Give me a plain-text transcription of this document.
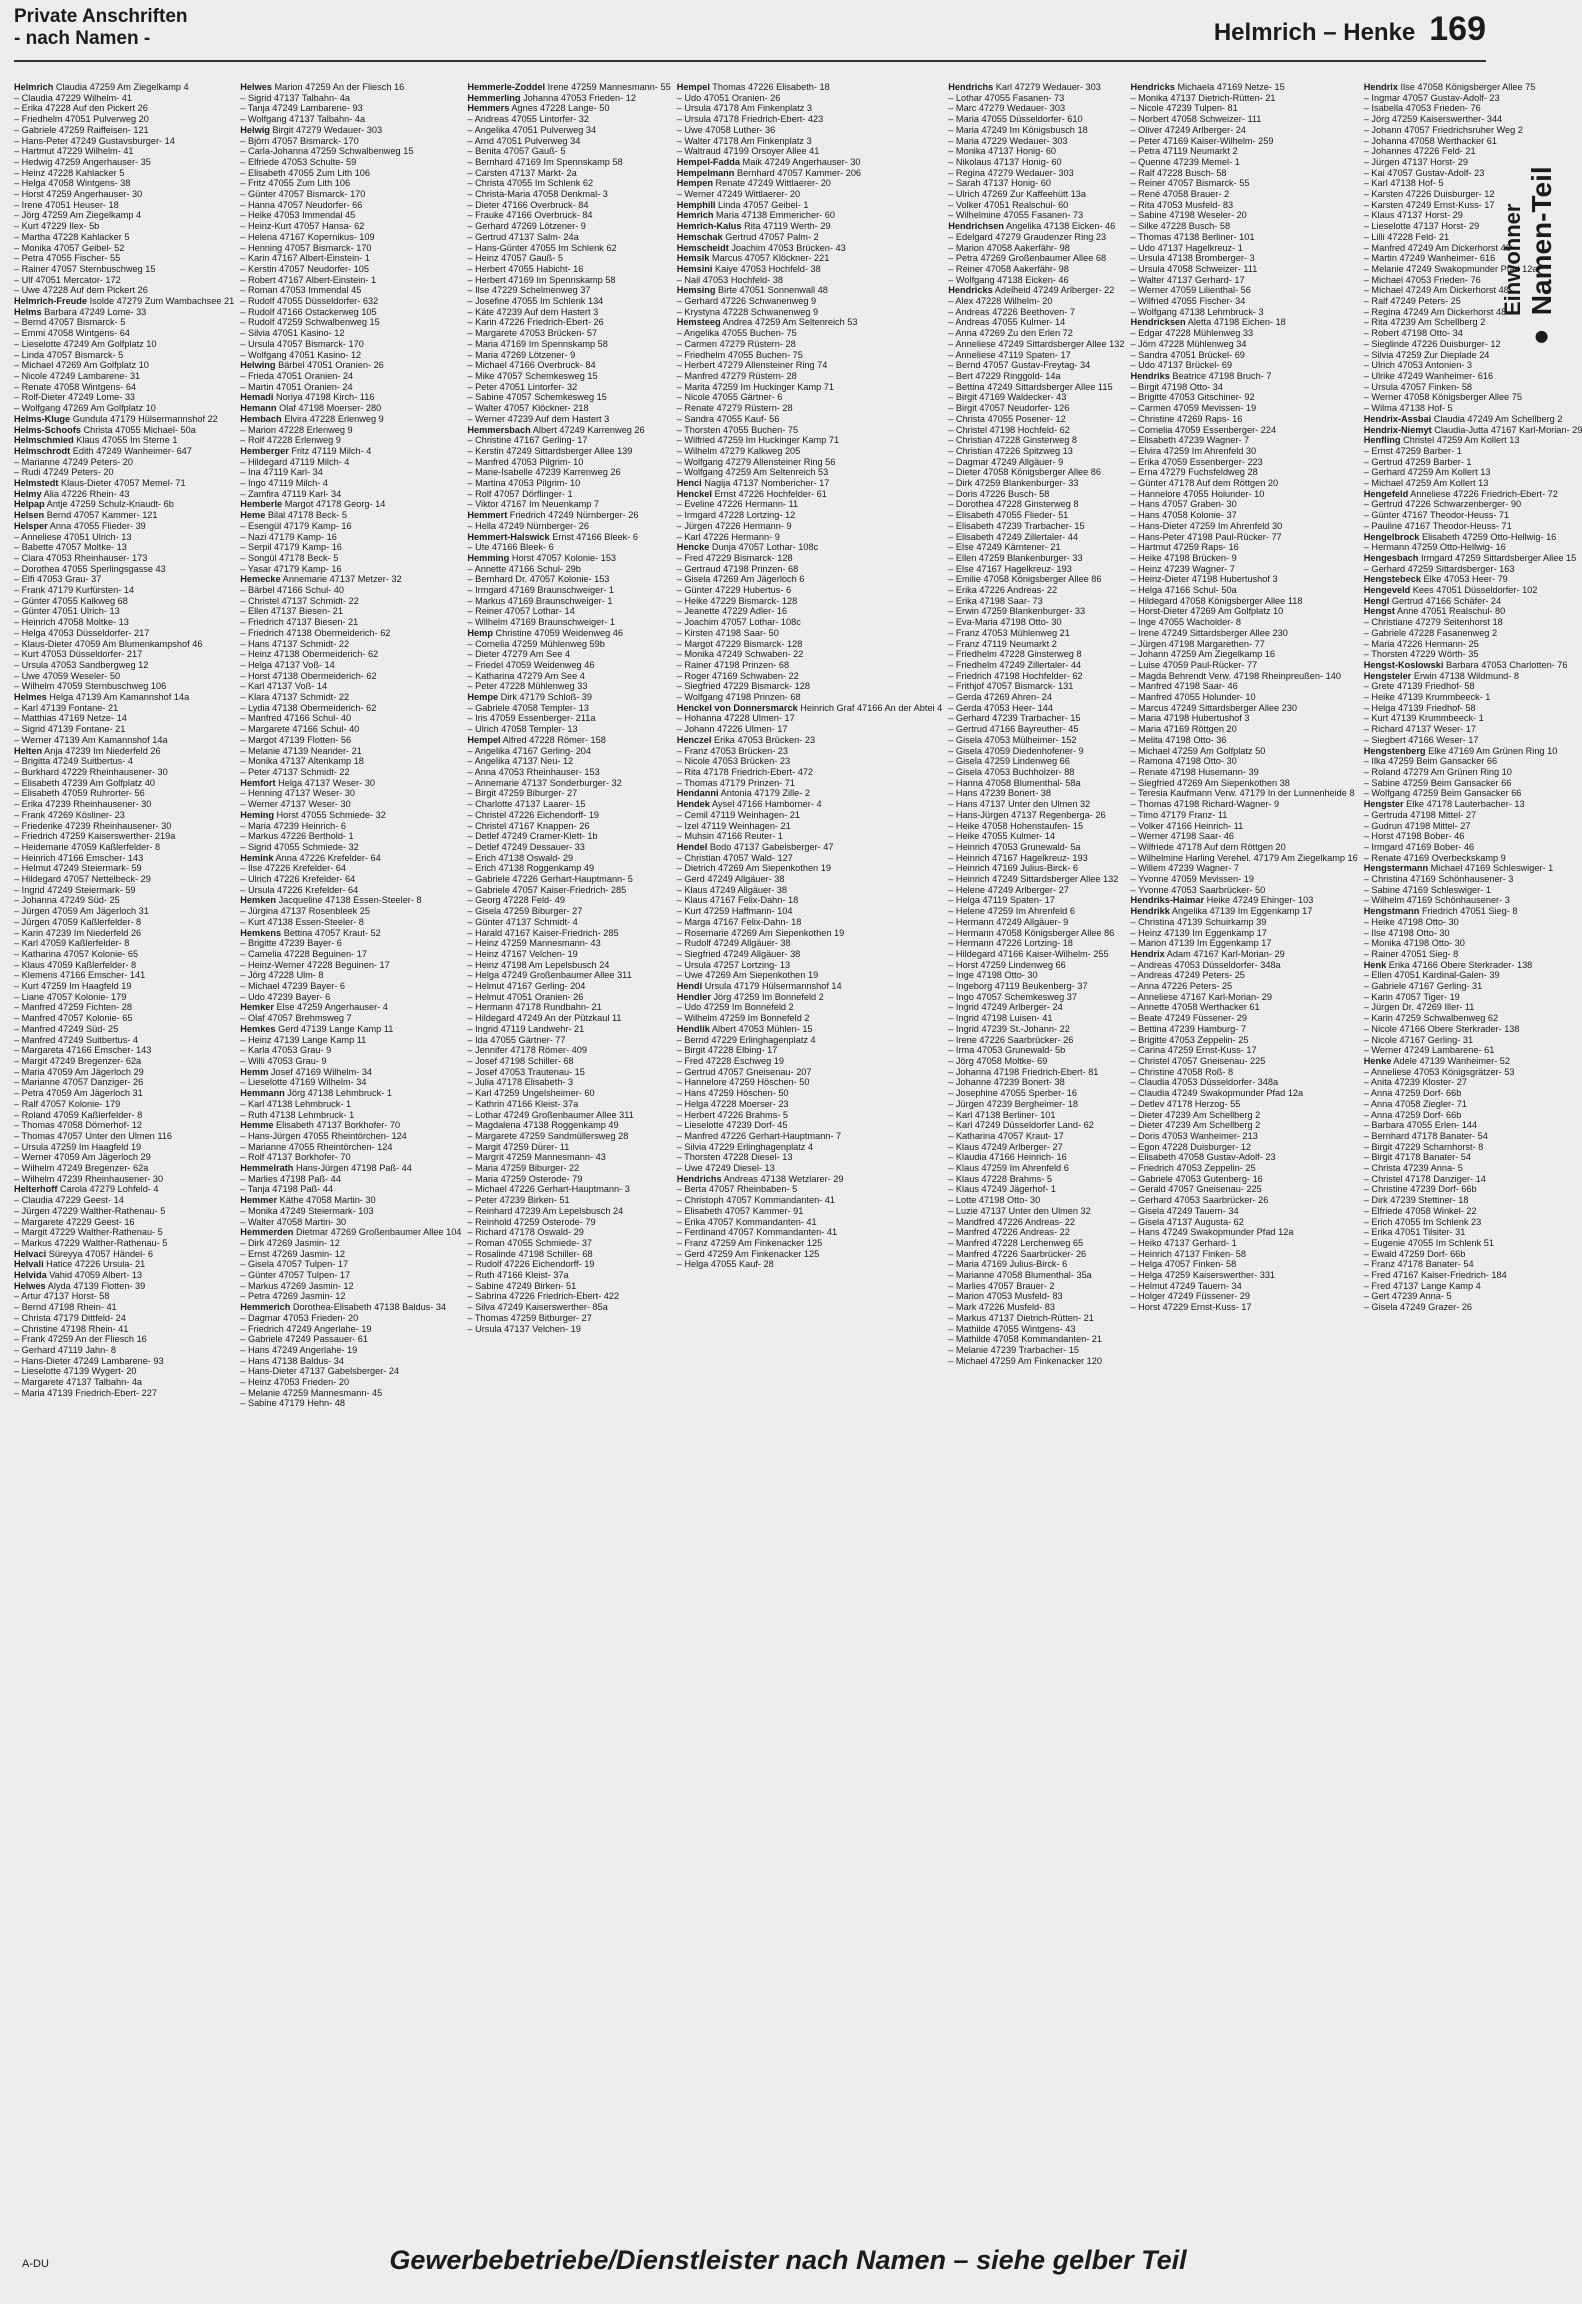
Private Anschriften
- nach Namen -	Helmrich – Henke 169
Einwohner
● Namen-Teil
Helmrich Claudia 47259 Am Ziegelkamp 4
– Claudia 47229 Wilhelm- 41
– Erika 47228 Auf den Pickert 26
– Friedhelm 47051 Pulverweg 20
– Gabriele 47259 Raiffeisen- 121
– Hans-Peter 47249 Gustavsburger- 14
– Hartmut 47229 Wilhelm- 41
– Hedwig 47259 Angerhauser- 35
– Heinz 47228 Kahlacker 5
– Helga 47058 Wintgens- 38
– Horst 47259 Angerhauser- 30
– Irene 47051 Heuser- 18
– Jörg 47259 Am Ziegelkamp 4
– Kurt 47229 Ilex- 5b
– Martha 47228 Kahlacker 5
– Monika 47057 Geibel- 52
– Petra 47055 Fischer- 55
– Rainer 47057 Sternbuschweg 15
– Ulf 47051 Mercator- 172
– Uwe 47228 Auf dem Pickert 26
Helmrich-Freude Isolde 47279 Zum Wambachsee 21
Helms Barbara 47249 Lome- 33
– Bernd 47057 Bismarck- 5
– Emmi 47058 Wintgens- 64
– Lieselotte 47249 Am Golfplatz 10
– Linda 47057 Bismarck- 5
– Michael 47269 Am Golfplatz 10
– Nicole 47249 Lambarene- 31
– Renate 47058 Wintgens- 64
– Rolf-Dieter 47249 Lome- 33
– Wolfgang 47269 Am Golfplatz 10
Helms-Kluge Gundula 47179 Hülsermannshof 22
Helms-Schoofs Christa 47055 Michael- 50a
Helmschmied Klaus 47055 Im Sterne 1
Helmschrodt Edith 47249 Wanheimer- 647
– Marianne 47249 Peters- 20
– Rudi 47249 Peters- 20
Helmstedt Klaus-Dieter 47057 Memel- 71
Helmy Alia 47226 Rhein- 43
Helpap Antje 47259 Schulz-Knaudt- 6b
Helsen Bernd 47057 Kammer- 121
Helsper Anna 47055 Flieder- 39
– Anneliese 47051 Ulrich- 13
– Babette 47057 Moltke- 13
– Clara 47053 Rheinhauser- 173
– Dorothea 47055 Sperlingsgasse 43
– Elfi 47053 Grau- 37
– Frank 47179 Kurfürsten- 14
– Günter 47055 Kalkweg 68
– Günter 47051 Ulrich- 13
– Heinrich 47058 Moltke- 13
– Helga 47053 Düsseldorfer- 217
– Klaus-Dieter 47059 Am Blumenkampshof 46
– Kurt 47053 Düsseldorfer- 217
– Ursula 47053 Sandbergweg 12
– Uwe 47059 Weseler- 50
– Wilhelm 47059 Sternbuschweg 106
Helmes Helga 47139 Am Kamannshof 14a
– Karl 47139 Fontane- 21
– Matthias 47169 Netze- 14
– Sigrid 47139 Fontane- 21
– Werner 47139 Am Kamannshof 14a
Helten Anja 47239 Im Niederfeld 26
– Brigitta 47249 Suitbertus- 4
– Burkhard 47229 Rheinhausener- 30
– Elisabeth 47239 Am Golfplatz 40
– Elisabeth 47059 Ruhrorter- 56
– Erika 47239 Rheinhausener- 30
– Frank 47269 Kösliner- 23
– Friederike 47239 Rheinhausener- 30
– Friedrich 47259 Kaiserswerther- 219a
– Heidemarie 47059 Kaßlerfelder- 8
– Heinrich 47166 Emscher- 143
– Helmut 47249 Steiermark- 59
– Hildegard 47057 Nettelbeck- 29
– Ingrid 47249 Steiermark- 59
– Johanna 47249 Süd- 25
– Jürgen 47059 Am Jägerloch 31
– Jürgen 47059 Kaßlerfelder- 8
– Karin 47239 Im Niederfeld 26
– Karl 47059 Kaßlerfelder- 8
– Katharina 47057 Kolonie- 65
– Klaus 47059 Kaßlerfelder- 8
– Klemens 47166 Emscher- 141
– Kurt 47259 Im Haagfeld 19
– Liane 47057 Kolonie- 179
– Manfred 47259 Fichten- 28
– Manfred 47057 Kolonie- 65
– Manfred 47249 Süd- 25
– Manfred 47249 Suitbertus- 4
– Margareta 47166 Emscher- 143
– Margit 47249 Bregenzer- 62a
– Maria 47059 Am Jägerloch 29
– Marianne 47057 Danziger- 26
– Petra 47059 Am Jägerloch 31
– Ralf 47057 Kolonie- 179
– Roland 47059 Kaßlerfelder- 8
– Thomas 47058 Dörnerhof- 12
– Thomas 47057 Unter den Ulmen 116
– Ursula 47259 Im Haagfeld 19
– Werner 47059 Am Jägerloch 29
– Wilhelm 47249 Bregenzer- 62a
– Wilhelm 47239 Rheinhausener- 30
Helterhoff Carola 47279 Lohfeld- 4
– Claudia 47229 Geest- 14
– Jürgen 47229 Walther-Rathenau- 5
– Margarete 47229 Geest- 16
– Margit 47229 Walther-Rathenau- 5
– Markus 47229 Walther-Rathenau- 5
Helvaci Süreyya 47057 Händel- 6
Helvali Hatice 47226 Ursula- 21
Helvida Vahid 47059 Albert- 13
Helwes Alyda 47139 Flotten- 39
– Artur 47137 Horst- 58
– Bernd 47198 Rhein- 41
– Christa 47179 Dittfeld- 24
– Christine 47198 Rhein- 41
– Frank 47259 An der Fliesch 16
– Gerhard 47119 Jahn- 8
– Hans-Dieter 47249 Lambarene- 93
– Lieselotte 47139 Wygert- 20
– Margarete 47137 Talbahn- 4a
– Maria 47139 Friedrich-Ebert- 227
Helwes Marion 47259 An der Fliesch 16
– Sigrid 47137 Talbahn- 4a
– Tanja 47249 Lambarene- 93
– Wolfgang 47137 Talbahn- 4a
Helwig Birgit 47279 Wedauer- 303
– Björn 47057 Bismarck- 170
– Carla-Johanna 47259 Schwalbenweg 15
– Elfriede 47053 Schulte- 59
– Elisabeth 47055 Zum Lith 106
– Fritz 47055 Zum Lith 106
– Günter 47057 Bismarck- 170
– Hanna 47057 Neudorfer- 66
– Heike 47053 Immendal 45
– Heinz-Kurt 47057 Hansa- 62
– Helena 47167 Kopernikus- 109
– Henning 47057 Bismarck- 170
– Karin 47167 Albert-Einstein- 1
– Kerstin 47057 Neudorfer- 105
– Robert 47167 Albert-Einstein- 1
– Roman 47053 Immendal 45
– Rudolf 47055 Düsseldorfer- 632
– Rudolf 47166 Ostackerweg 105
– Rudolf 47259 Schwalbenweg 15
– Silvia 47051 Kasino- 12
– Ursula 47057 Bismarck- 170
– Wolfgang 47051 Kasino- 12
Helwing Bärbel 47051 Oranien- 26
– Frieda 47051 Oranien- 24
– Martin 47051 Oranien- 24
Hemadi Noriya 47198 Kirch- 116
Hemann Olaf 47198 Moerser- 280
Hembach Elvira 47228 Erlenweg 9
– Marion 47228 Erlenweg 9
– Rolf 47228 Erlenweg 9
Hemberger Fritz 47119 Milch- 4
– Hildegard 47119 Milch- 4
– Ina 47119 Karl- 34
– Ingo 47119 Milch- 4
– Zamfira 47119 Karl- 34
Hemberle Margot 47178 Georg- 14
Heme Bilal 47178 Beck- 5
– Esengül 47179 Kamp- 16
– Nazi 47179 Kamp- 16
– Serpil 47179 Kamp- 16
– Songül 47178 Beck- 5
– Yasar 47179 Kamp- 16
Hemecke Annemarie 47137 Metzer- 32
– Bärbel 47166 Schul- 40
– Christel 47137 Schmidt- 22
– Ellen 47137 Biesen- 21
– Friedrich 47137 Biesen- 21
– Friedrich 47138 Obermeiderich- 62
– Hans 47137 Schmidt- 22
– Heinz 47138 Obermeiderich- 62
– Helga 47137 Voß- 14
– Horst 47138 Obermeiderich- 62
– Karl 47137 Voß- 14
– Klara 47137 Schmidt- 22
– Lydia 47138 Obermeiderich- 62
– Manfred 47166 Schul- 40
– Margarete 47166 Schul- 40
– Margot 47139 Flotten- 56
– Melanie 47139 Neander- 21
– Monika 47137 Altenkamp 18
– Peter 47137 Schmidt- 22
Hemfort Helga 47137 Weser- 30
– Henning 47137 Weser- 30
– Werner 47137 Weser- 30
Heming Horst 47055 Schmiede- 32
– Maria 47239 Heinrich- 6
– Markus 47226 Berthold- 1
– Sigrid 47055 Schmiede- 32
Hemink Anna 47226 Krefelder- 64
– Ilse 47226 Krefelder- 64
– Ulrich 47226 Krefelder- 64
– Ursula 47226 Krefelder- 64
Hemken Jacqueline 47138 Essen-Steeler- 8
– Jürgina 47137 Rosenbleek 25
– Kurt 47138 Essen-Steeler- 8
Hemkens Bettina 47057 Kraut- 52
– Brigitte 47239 Bayer- 6
– Camelia 47228 Beguinen- 17
– Heinz-Werner 47228 Beguinen- 17
– Jörg 47228 Ulm- 8
– Michael 47239 Bayer- 6
– Udo 47239 Bayer- 6
Hemker Else 47259 Angerhauser- 4
– Olaf 47057 Brehmsweg 7
Hemkes Gerd 47139 Lange Kamp 11
– Heinz 47139 Lange Kamp 11
– Karla 47053 Grau- 9
– Willi 47053 Grau- 9
Hemm Josef 47169 Wilhelm- 34
– Lieselotte 47169 Wilhelm- 34
Hemmann Jörg 47138 Lehmbruck- 1
– Karl 47138 Lehmbruck- 1
– Ruth 47138 Lehmbruck- 1
Hemme Elisabeth 47137 Borkhofer- 70
– Hans-Jürgen 47055 Rheintörchen- 124
– Marianne 47055 Rheintörchen- 124
– Rolf 47137 Borkhofer- 70
Hemmelrath Hans-Jürgen 47198 Paß- 44
– Marlies 47198 Paß- 44
– Tanja 47198 Paß- 44
Hemmer Käthe 47058 Martin- 30
– Monika 47249 Steiermark- 103
– Walter 47058 Martin- 30
Hemmerden Dietmar 47269 Großenbaumer Allee 104
– Dirk 47269 Jasmin- 12
– Ernst 47269 Jasmin- 12
– Gisela 47057 Tulpen- 17
– Günter 47057 Tulpen- 17
– Markus 47269 Jasmin- 12
– Petra 47269 Jasmin- 12
Hemmerich Dorothea-Elisabeth 47138 Baldus- 34
– Dagmar 47053 Frieden- 20
– Friedrich 47249 Angerlahe- 19
– Gabriele 47249 Passauer- 61
– Hans 47249 Angerlahe- 19
– Hans 47138 Baldus- 34
– Hans-Dieter 47137 Gabelsberger- 24
– Heinz 47053 Frieden- 20
– Melanie 47259 Mannesmann- 45
– Sabine 47179 Hehn- 48
Hemmerle-Zoddel Irene 47259 Mannesmann- 55
Hemmerling Johanna 47053 Frieden- 12
Hemmers Agnes 47228 Lange- 50
– Andreas 47055 Lintorfer- 32
– Angelika 47051 Pulverweg 34
– Arnd 47051 Pulverweg 34
– Benita 47057 Gauß- 5
– Bernhard 47169 Im Spennskamp 58
– Carsten 47137 Markt- 2a
– Christa 47055 Im Schlenk 62
– Christa-Maria 47058 Denkmal- 3
– Dieter 47166 Overbruck- 84
– Frauke 47166 Overbruck- 84
– Gerhard 47269 Lötzener- 9
– Gertrud 47137 Salm- 24a
– Hans-Günter 47055 Im Schlenk 62
– Heinz 47057 Gauß- 5
– Herbert 47055 Habicht- 16
– Herbert 47169 Im Spennskamp 58
– Ilse 47229 Schelmenweg 37
– Josefine 47055 Im Schlenk 134
– Käte 47239 Auf dem Hastert 3
– Karin 47226 Friedrich-Ebert- 26
– Margarete 47053 Brücken- 57
– Maria 47169 Im Spennskamp 58
– Maria 47269 Lötzener- 9
– Michael 47166 Overbruck- 84
– Mike 47057 Schemkesweg 15
– Peter 47051 Lintorfer- 32
– Sabine 47057 Schemkesweg 15
– Walter 47057 Klöckner- 218
– Werner 47239 Auf dem Hastert 3
Hemmersbach Albert 47249 Karrenweg 26
– Christine 47167 Gerling- 17
– Kerstin 47249 Sittardsberger Allee 139
– Manfred 47053 Pilgrim- 10
– Marie-Isabelle 47239 Karrenweg 26
– Martina 47053 Pilgrim- 10
– Rolf 47057 Dörflinger- 1
– Viktor 47167 Im Neuenkamp 7
Hemmert Friedrich 47249 Nürnberger- 26
– Hella 47249 Nürnberger- 26
Hemmert-Halswick Ernst 47166 Bleek- 6
– Ute 47166 Bleek- 6
Hemming Horst 47057 Kolonie- 153
– Annette 47166 Schul- 29b
– Bernhard Dr. 47057 Kolonie- 153
– Irmgard 47169 Braunschweiger- 1
– Markus 47169 Braunschweiger- 1
– Reiner 47057 Lothar- 14
– Wilhelm 47169 Braunschweiger- 1
Hemp Christine 47059 Weidenweg 46
– Cornelia 47259 Mühlenweg 59b
– Dieter 47279 Am See 4
– Friedel 47059 Weidenweg 46
– Katharina 47279 Am See 4
– Peter 47228 Mühlenweg 33
Hempe Dirk 47179 Schloß- 39
– Gabriele 47058 Templer- 13
– Iris 47059 Essenberger- 211a
– Ulrich 47058 Templer- 13
Hempel Alfred 47228 Römer- 158
– Angelika 47167 Gerling- 204
– Angelika 47137 Neu- 12
– Anna 47053 Rheinhauser- 153
– Annemarie 47137 Sonderburger- 32
– Birgit 47259 Biburger- 27
– Charlotte 47137 Laarer- 15
– Christel 47226 Eichendorff- 19
– Christel 47167 Knappen- 26
– Detlef 47249 Cramer-Klett- 1b
– Detlef 47249 Dessauer- 33
– Erich 47138 Oswald- 29
– Erich 47138 Roggenkamp 49
– Gabriele 47226 Gerhart-Hauptmann- 5
– Gabriele 47057 Kaiser-Friedrich- 285
– Georg 47228 Feld- 49
– Gisela 47259 Biburger- 27
– Günter 47137 Schmidt- 4
– Harald 47167 Kaiser-Friedrich- 285
– Heinz 47259 Mannesmann- 43
– Heinz 47167 Velchen- 19
– Heinz 47198 Am Lepelsbusch 24
– Helga 47249 Großenbaumer Allee 311
– Helmut 47167 Gerling- 204
– Helmut 47051 Oranien- 26
– Hermann 47178 Rundbahn- 21
– Hildegard 47249 An der Pützkaul 11
– Ingrid 47119 Landwehr- 21
– Ida 47055 Gärtner- 77
– Jennifer 47178 Römer- 409
– Josef 47198 Schiller- 68
– Josef 47053 Trautenau- 15
– Julia 47178 Elisabeth- 3
– Karl 47259 Ungelsheimer- 60
– Kathrin 47166 Kleist- 37a
– Lothar 47249 Großenbaumer Allee 311
– Magdalena 47138 Roggenkamp 49
– Margarete 47259 Sandmüllersweg 28
– Margit 47259 Dürer- 11
– Margrit 47259 Mannesmann- 43
– Maria 47259 Biburger- 22
– Maria 47259 Osterode- 79
– Michael 47226 Gerhart-Hauptmann- 3
– Peter 47239 Birken- 51
– Reinhard 47239 Am Lepelsbusch 24
– Reinhold 47259 Osterode- 79
– Richard 47178 Oswald- 29
– Roman 47055 Schmiede- 37
– Rosalinde 47198 Schiller- 68
– Rudolf 47226 Eichendorff- 19
– Ruth 47166 Kleist- 37a
– Sabine 47249 Birken- 51
– Sabrina 47226 Friedrich-Ebert- 422
– Silva 47249 Kaiserswerther- 85a
– Thomas 47259 Bitburger- 27
– Ursula 47137 Velchen- 19
Hempel Thomas 47226 Elisabeth- 18
– Udo 47051 Oranien- 26
– Ursula 47178 Am Finkenplatz 3
– Ursula 47178 Friedrich-Ebert- 423
– Uwe 47058 Luther- 36
– Walter 47178 Am Finkenplatz 3
– Waltraud 47199 Orsoyer Allee 41
Hempel-Fadda Maik 47249 Angerhauser- 30
Hempelmann Bernhard 47057 Kammer- 206
Hempen Renate 47249 Wittlaerer- 20
– Werner 47249 Wittlaerer- 20
Hemphill Linda 47057 Geibel- 1
Hemrich Maria 47138 Emmericher- 60
Hemrich-Kalus Rita 47119 Werth- 29
Hemschak Gertrud 47057 Palm- 2
Hemscheidt Joachim 47053 Brücken- 43
Hemsik Marcus 47057 Klöckner- 221
Hemsini Kaiye 47053 Hochfeld- 38
– Nail 47053 Hochfeld- 38
Hemsing Birte 47051 Sonnenwall 48
– Gerhard 47226 Schwanenweg 9
– Krystyna 47228 Schwanenweg 9
Hemsteeg Andrea 47259 Am Seltenreich 53
– Angelika 47055 Buchen- 75
– Carmen 47279 Rüstern- 28
– Friedhelm 47055 Buchen- 75
– Herbert 47279 Allensteiner Ring 74
– Manfred 47279 Rüstern- 28
– Marita 47259 Im Huckinger Kamp 71
– Nicole 47055 Gärtner- 6
– Renate 47279 Rüstern- 28
– Sandra 47055 Kauf- 56
– Thorsten 47055 Buchen- 75
– Wilfried 47259 Im Huckinger Kamp 71
– Wilhelm 47279 Kalkweg 205
– Wolfgang 47279 Allensteiner Ring 56
– Wolfgang 47259 Am Seltenreich 53
Henci Nagija 47137 Nombericher- 17
Henckel Ernst 47226 Hochfelder- 61
– Eveline 47226 Hermann- 11
– Irmgard 47228 Lortzing- 12
– Jürgen 47226 Hermann- 9
– Karl 47226 Hermann- 9
Hencke Dunja 47057 Lothar- 108c
– Fred 47229 Bismarck- 128
– Gertraud 47198 Prinzen- 68
– Gisela 47269 Am Jägerloch 6
– Günter 47229 Hubertus- 6
– Heike 47229 Bismarck- 128
– Jeanette 47229 Adler- 16
– Joachim 47057 Lothar- 108c
– Kirsten 47198 Saar- 50
– Margot 47229 Bismarck- 128
– Monika 47249 Schwaben- 22
– Rainer 47198 Prinzen- 68
– Roger 47169 Schwaben- 22
– Siegfried 47229 Bismarck- 128
– Wolfgang 47198 Prinzen- 68
Henckel von Donnersmarck Heinrich Graf 47166 An der Abtei 4
– Hohanna 47228 Ulmen- 17
– Johann 47226 Ulmen- 17
Henczel Erika 47053 Brücken- 23
– Franz 47053 Brücken- 23
– Nicole 47053 Brücken- 23
– Rita 47178 Friedrich-Ebert- 472
– Thomas 47179 Prinzen- 71
Hendanni Antonia 47179 Zille- 2
Hendek Aysel 47166 Hamborner- 4
– Cemil 47119 Weinhagen- 21
– Izel 47119 Weinhagen- 21
– Muhsin 47166 Reuter- 1
Hendel Bodo 47137 Gabelsberger- 47
– Christian 47057 Wald- 127
– Dietrich 47269 Am Siepenkothen 19
– Gerd 47249 Allgäuer- 38
– Klaus 47249 Allgäuer- 38
– Klaus 47167 Felix-Dahn- 18
– Kurt 47259 Haffmann- 104
– Marga 47167 Felix-Dahn- 18
– Rosemarie 47269 Am Siepenkothen 19
– Rudolf 47249 Allgäuer- 38
– Siegfried 47249 Allgäuer- 38
– Ursula 47257 Lortzing- 13
– Uwe 47269 Am Siepenkothen 19
Hendl Ursula 47179 Hülsermannshof 14
Hendler Jörg 47259 Im Bonnefeld 2
– Udo 47259 Im Bonnefeld 2
– Wilhelm 47259 Im Bonnefeld 2
Hendlik Albert 47053 Mühlen- 15
– Bernd 47229 Erlinghagenplatz 4
– Birgit 47228 Elbing- 17
– Fred 47228 Eschweg 19
– Gertrud 47057 Gneisenau- 207
– Hannelore 47259 Höschen- 50
– Hans 47259 Höschen- 50
– Helga 47228 Moerser- 23
– Herbert 47226 Brahms- 5
– Lieselotte 47239 Dorf- 45
– Manfred 47226 Gerhart-Hauptmann- 7
– Silvia 47229 Erlinghagenplatz 4
– Thorsten 47228 Diesel- 13
– Uwe 47249 Diesel- 13
Hendrichs Andreas 47138 Wetzlarer- 29
– Berta 47057 Rheinbaben- 5
– Christoph 47057 Kommandanten- 41
– Elisabeth 47057 Kammer- 91
– Erika 47057 Kommandanten- 41
– Ferdinand 47057 Kommandanten- 41
– Franz 47259 Am Finkenacker 125
– Gerd 47259 Am Finkenacker 125
– Helga 47055 Kauf- 28
Hendrichs Karl 47279 Wedauer- 303
– Lothar 47055 Fasanen- 73
– Marc 47279 Wedauer- 303
– Maria 47055 Düsseldorfer- 610
– Maria 47249 Im Königsbusch 18
– Maria 47229 Wedauer- 303
– Monika 47137 Honig- 60
– Nikolaus 47137 Honig- 60
– Regina 47279 Wedauer- 303
– Sarah 47137 Honig- 60
– Ulrich 47269 Zur Kaffeehütt 13a
– Volker 47051 Realschul- 60
– Wilhelmine 47055 Fasanen- 73
Hendrichsen Angelika 47138 Eicken- 46
– Edelgard 47279 Graudenzer Ring 23
– Marion 47058 Aakerfähr- 98
– Petra 47269 Großenbaumer Allee 68
– Reiner 47058 Aakerfähr- 98
– Wolfgang 47138 Eicken- 46
Hendricks Adelheid 47249 Arlberger- 22
– Alex 47228 Wilhelm- 20
– Andreas 47226 Beethoven- 7
– Andreas 47055 Kulmer- 14
– Anna 47269 Zu den Erlen 72
– Anneliese 47249 Sittardsberger Allee 132
– Anneliese 47119 Spaten- 17
– Bernd 47057 Gustav-Freytag- 34
– Bert 47229 Ringgold- 14a
– Bettina 47249 Sittardsberger Allee 115
– Birgit 47169 Waldecker- 43
– Birgit 47057 Neudorfer- 126
– Christa 47055 Posener- 12
– Christel 47198 Hochfeld- 62
– Christian 47228 Ginsterweg 8
– Christian 47226 Spitzweg 13
– Dagmar 47249 Allgäuer- 9
– Dieter 47058 Königsberger Allee 86
– Dirk 47259 Blankenburger- 33
– Doris 47226 Busch- 58
– Dorothea 47228 Ginsterweg 8
– Elisabeth 47055 Flieder- 51
– Elisabeth 47239 Trarbacher- 15
– Elisabeth 47249 Zillertaler- 44
– Else 47249 Kärntener- 21
– Ellen 47259 Blankenburger- 33
– Else 47167 Hagelkreuz- 193
– Emilie 47058 Königsberger Allee 86
– Erika 47226 Andreas- 22
– Erika 47198 Saar- 73
– Erwin 47259 Blankenburger- 33
– Eva-Maria 47198 Otto- 30
– Franz 47053 Mühlenweg 21
– Franz 47119 Neumarkt 2
– Friedhelm 47228 Ginsterweg 8
– Friedhelm 47249 Zillertaler- 44
– Friedrich 47198 Hochfelder- 62
– Frithjof 47057 Bismarck- 131
– Gerda 47269 Ahren- 24
– Gerda 47053 Heer- 144
– Gerhard 47239 Trarbacher- 15
– Gertrud 47166 Bayreuther- 45
– Gisela 47053 Mülheimer- 152
– Gisela 47059 Diedenhofener- 9
– Gisela 47259 Lindenweg 66
– Gisela 47053 Buchholzer- 88
– Hanna 47058 Blumenthal- 58a
– Hans 47239 Bonert- 38
– Hans 47137 Unter den Ulmen 32
– Hans-Jürgen 47137 Regenberga- 26
– Heike 47058 Hohenstaufen- 15
– Heike 47055 Kulmer- 14
– Heinrich 47053 Grunewald- 5a
– Heinrich 47167 Hagelkreuz- 193
– Heinrich 47169 Julius-Birck- 6
– Heinrich 47249 Sittardsberger Allee 132
– Helene 47249 Arlberger- 27
– Helga 47119 Spaten- 17
– Helene 47259 Im Ahrenfeld 6
– Hermann 47249 Allgäuer- 9
– Hermann 47058 Königsberger Allee 86
– Hermann 47226 Lortzing- 18
– Hildegard 47166 Kaiser-Wilhelm- 255
– Horst 47259 Lindenweg 66
– Inge 47198 Otto- 30
– Ingeborg 47119 Beukenberg- 37
– Ingo 47057 Schemkesweg 37
– Ingrid 47249 Arlberger- 24
– Ingrid 47198 Luisen- 41
– Ingrid 47239 St.-Johann- 22
– Irene 47226 Saarbrücker- 26
– Irma 47053 Grunewald- 5b
– Jörg 47058 Moltke- 69
– Johanna 47198 Friedrich-Ebert- 81
– Johanne 47239 Bonert- 38
– Josephine 47055 Sperber- 16
– Jürgen 47239 Bergheimer- 18
– Karl 47138 Berliner- 101
– Karl 47249 Düsseldorfer Land- 62
– Katharina 47057 Kraut- 17
– Klaus 47249 Arlberger- 27
– Klaudia 47166 Heinrich- 16
– Klaus 47259 Im Ahrenfeld 6
– Klaus 47228 Brahms- 5
– Klaus 47249 Jägerhof- 1
– Lotte 47198 Otto- 30
– Luzie 47137 Unter den Ulmen 32
– Mandfred 47226 Andreas- 22
– Manfred 47226 Andreas- 22
– Manfred 47228 Lerchenweg 65
– Manfred 47226 Saarbrücker- 26
– Maria 47169 Julius-Birck- 6
– Marianne 47058 Blumenthal- 35a
– Marlies 47057 Brauer- 2
– Marion 47053 Musfeld- 83
– Mark 47226 Musfeld- 83
– Markus 47137 Dietrich-Rütten- 21
– Mathilde 47055 Wintgens- 43
– Mathilde 47058 Kommandanten- 21
– Melanie 47239 Trarbacher- 15
– Michael 47259 Am Finkenacker 120
Hendricks Michaela 47169 Netze- 15
– Monika 47137 Dietrich-Rütten- 21
– Nicole 47239 Tulpen- 81
– Norbert 47058 Schweizer- 111
– Oliver 47249 Arlberger- 24
– Peter 47169 Kaiser-Wilhelm- 259
– Petra 47119 Neumarkt 2
– Quenne 47239 Memel- 1
– Ralf 47228 Busch- 58
– Reiner 47057 Bismarck- 55
– René 47058 Brauer- 2
– Rita 47053 Musfeld- 83
– Sabine 47198 Weseler- 20
– Silke 47228 Busch- 58
– Thomas 47138 Berliner- 101
– Udo 47137 Hagelkreuz- 1
– Ursula 47138 Bromberger- 3
– Ursula 47058 Schweizer- 111
– Walter 47137 Gerhard- 17
– Werner 47059 Lilienthal- 56
– Wilfried 47055 Fischer- 34
– Wolfgang 47138 Lehmbruck- 3
Hendricksen Aletta 47198 Eichen- 18
– Edgar 47228 Mühlenweg 33
– Jörn 47228 Mühlenweg 34
– Sandra 47051 Brückel- 69
– Udo 47137 Brückel- 69
Hendriks Beatrice 47198 Bruch- 7
– Birgit 47198 Otto- 34
– Brigitte 47053 Gitschiner- 92
– Carmen 47059 Mevissen- 19
– Christine 47269 Raps- 16
– Cornelia 47059 Essenberger- 224
– Elisabeth 47239 Wagner- 7
– Elvira 47259 Im Ahrenfeld 30
– Erika 47059 Essenberger- 223
– Erna 47279 Fuchsfeldweg 28
– Günter 47178 Auf dem Röttgen 20
– Hannelore 47055 Holunder- 10
– Hans 47057 Graben- 30
– Hans 47058 Kolonie- 37
– Hans-Dieter 47259 Im Ahrenfeld 30
– Hans-Peter 47198 Paul-Rücker- 77
– Hartmut 47259 Raps- 16
– Heike 47198 Brücken- 9
– Heinz 47239 Wagner- 7
– Heinz-Dieter 47198 Hubertushof 3
– Helga 47166 Schul- 50a
– Hildegard 47058 Königsberger Allee 118
– Horst-Dieter 47269 Am Golfplatz 10
– Inge 47055 Wacholder- 8
– Irene 47249 Sittardsberger Allee 230
– Jürgen 47198 Margarethen- 77
– Johann 47259 Am Ziegelkamp 16
– Luise 47059 Paul-Rücker- 77
– Magda Behrendt Verw. 47198 Rheinpreußen- 140
– Manfred 47198 Saar- 46
– Manfred 47055 Holunder- 10
– Marcus 47249 Sittardsberger Allee 230
– Maria 47198 Hubertushof 3
– Maria 47169 Röttgen 20
– Melita 47198 Otto- 36
– Michael 47259 Am Golfplatz 50
– Ramona 47198 Otto- 30
– Renate 47198 Husemann- 39
– Siegfried 47269 Am Siepenkothen 38
– Teresia Kaufmann Verw. 47179 In der Lunnenheide 8
– Thomas 47198 Richard-Wagner- 9
– Timo 47179 Franz- 11
– Volker 47166 Heinrich- 11
– Werner 47198 Saar- 46
– Wilfriede 47178 Auf dem Röttgen 20
– Wilhelmine Harling Verehel. 47179 Am Ziegelkamp 16
– Willem 47239 Wagner- 7
– Yvonne 47059 Mevissen- 19
– Yvonne 47053 Saarbrücker- 50
Hendriks-Haimar Heike 47249 Ehinger- 103
Hendrikk Angelika 47139 Im Eggenkamp 17
– Christina 47139 Schuirkamp 39
– Heinz 47139 Im Eggenkamp 17
– Marion 47139 Im Eggenkamp 17
Hendrix Adam 47167 Karl-Morian- 29
– Andreas 47053 Düsseldorfer- 348a
– Andreas 47249 Peters- 25
– Anna 47226 Peters- 25
– Anneliese 47167 Karl-Morian- 29
– Annette 47058 Werthacker 61
– Beate 47249 Füssener- 29
– Bettina 47239 Hamburg- 7
– Brigitte 47053 Zeppelin- 25
– Carina 47259 Ernst-Kuss- 17
– Christel 47057 Gneisenau- 225
– Christine 47058 Roß- 8
– Claudia 47053 Düsseldorfer- 348a
– Claudia 47249 Swakopmunder Pfad 12a
– Detlev 47178 Herzog- 55
– Dieter 47239 Am Schellberg 2
– Dieter 47239 Am Schellberg 2
– Doris 47053 Wanheimer- 213
– Egon 47228 Duisburger- 12
– Elisabeth 47058 Gustav-Adolf- 23
– Friedrich 47053 Zeppelin- 25
– Gabriele 47053 Gutenberg- 16
– Gerald 47057 Gneisenau- 225
– Gerhard 47053 Saarbrücker- 26
– Gisela 47249 Tauern- 34
– Gisela 47137 Augusta- 62
– Hans 47249 Swakopmunder Pfad 12a
– Heiko 47137 Gerhard- 1
– Heinrich 47137 Finken- 58
– Helga 47057 Finken- 58
– Helga 47259 Kaiserswerther- 331
– Helmut 47249 Tauern- 34
– Holger 47249 Füssener- 29
– Horst 47229 Ernst-Kuss- 17
Hendrix Ilse 47058 Königsberger Allee 75
– Ingmar 47057 Gustav-Adolf- 23
– Isabella 47053 Frieden- 76
– Jörg 47259 Kaiserswerther- 344
– Johann 47057 Friedrichsruher Weg 2
– Johanna 47058 Werthacker 61
– Johannes 47226 Feld- 21
– Jürgen 47137 Horst- 29
– Kai 47057 Gustav-Adolf- 23
– Karl 47138 Hof- 5
– Karsten 47226 Duisburger- 12
– Karsten 47249 Ernst-Kuss- 17
– Klaus 47137 Horst- 29
– Lieselotte 47137 Horst- 29
– Lilli 47228 Feld- 21
– Manfred 47249 Am Dickerhorst 48
– Martin 47249 Wanheimer- 616
– Melanie 47249 Swakopmunder Pfad 12a
– Michael 47053 Frieden- 76
– Michael 47249 Am Dickerhorst 48
– Ralf 47249 Peters- 25
– Regina 47249 Am Dickerhorst 48
– Rita 47239 Am Schellberg 2
– Robert 47198 Otto- 34
– Sieglinde 47226 Duisburger- 12
– Silvia 47259 Zur Dieplade 24
– Ulrich 47053 Antonien- 3
– Ulrike 47249 Wanheimer- 616
– Ursula 47057 Finken- 58
– Werner 47058 Königsberger Allee 75
– Wilma 47138 Hof- 5
Hendrix-Assbai Claudia 47249 Am Schellberg 2
Hendrix-Niemyt Claudia-Jutta 47167 Karl-Morian- 29
Henfling Christel 47259 Am Kollert 13
– Ernst 47259 Barber- 1
– Gertrud 47259 Barber- 1
– Gerhard 47259 Am Kollert 13
– Michael 47259 Am Kollert 13
Hengefeld Anneliese 47226 Friedrich-Ebert- 72
– Gertrud 47226 Schwarzenberger- 90
– Günter 47167 Theodor-Heuss- 71
– Pauline 47167 Theodor-Heuss- 71
Hengelbrock Elisabeth 47259 Otto-Hellwig- 16
– Hermann 47259 Otto-Hellwig- 16
Hengesbach Irmgard 47259 Sittardsberger Allee 15
– Gerhard 47259 Sittardsberger- 163
Hengstebeck Elke 47053 Heer- 79
Hengeveld Kees 47051 Düsseldorfer- 102
Hengl Gertrud 47166 Schäfer- 24
Hengst Anne 47051 Realschul- 80
– Christiane 47279 Seitenhorst 18
– Gabriele 47228 Fasanenweg 2
– Maria 47226 Hermann- 25
– Thorsten 47229 Wörth- 35
Hengst-Koslowski Barbara 47053 Charlotten- 76
Hengsteler Erwin 47138 Wildmund- 8
– Grete 47139 Friedhof- 58
– Heike 47139 Krummbeeck- 1
– Helga 47139 Friedhof- 58
– Kurt 47139 Krummbeeck- 1
– Richard 47137 Weser- 17
– Siegbert 47166 Weser- 17
Hengstenberg Elke 47169 Am Grünen Ring 10
– Ilka 47259 Beim Gansacker 66
– Roland 47279 Am Grünen Ring 10
– Sabine 47259 Beim Gansacker 66
– Wolfgang 47259 Beim Gansacker 66
Hengster Elke 47178 Lauterbacher- 13
– Gertruda 47198 Mittel- 27
– Gudrun 47198 Mittel- 27
– Horst 47198 Bober- 46
– Irmgard 47169 Bober- 46
– Renate 47169 Overbeckskamp 9
Hengstermann Michael 47169 Schleswiger- 1
– Christina 47169 Schönhausener- 3
– Sabine 47169 Schleswiger- 1
– Wilhelm 47169 Schönhausener- 3
Hengstmann Friedrich 47051 Sieg- 8
– Heike 47198 Otto- 30
– Ilse 47198 Otto- 30
– Monika 47198 Otto- 30
– Rainer 47051 Sieg- 8
Henk Erika 47166 Obere Sterkrader- 138
– Ellen 47051 Kardinal-Galen- 39
– Gabriele 47167 Gerling- 31
– Karin 47057 Tiger- 19
– Jürgen Dr. 47269 Iller- 11
– Karin 47259 Schwalbenweg 62
– Nicole 47166 Obere Sterkrader- 138
– Nicole 47167 Gerling- 31
– Werner 47249 Lambarene- 61
Henke Adele 47139 Wanheimer- 52
– Anneliese 47053 Königsgrätzer- 53
– Anita 47239 Kloster- 27
– Anna 47259 Dorf- 66b
– Anna 47058 Ziegler- 71
– Anna 47259 Dorf- 66b
– Barbara 47055 Erlen- 144
– Bernhard 47178 Banater- 54
– Birgit 47229 Scharnhorst- 8
– Birgit 47178 Banater- 54
– Christa 47239 Anna- 5
– Christel 47178 Danziger- 14
– Christine 47239 Dorf- 66b
– Dirk 47239 Stettiner- 18
– Elfriede 47058 Winkel- 22
– Erich 47055 Im Schlenk 23
– Erika 47051 Tilsiter- 31
– Eugenie 47055 Im Schlenk 51
– Ewald 47259 Dorf- 66b
– Franz 47178 Banater- 54
– Fred 47167 Kaiser-Friedrich- 184
– Fred 47137 Lange Kamp 4
– Gert 47239 Anna- 5
– Gisela 47249 Grazer- 26
A-DU	Gewerbebetriebe/Dienstleister nach Namen – siehe gelber Teil
